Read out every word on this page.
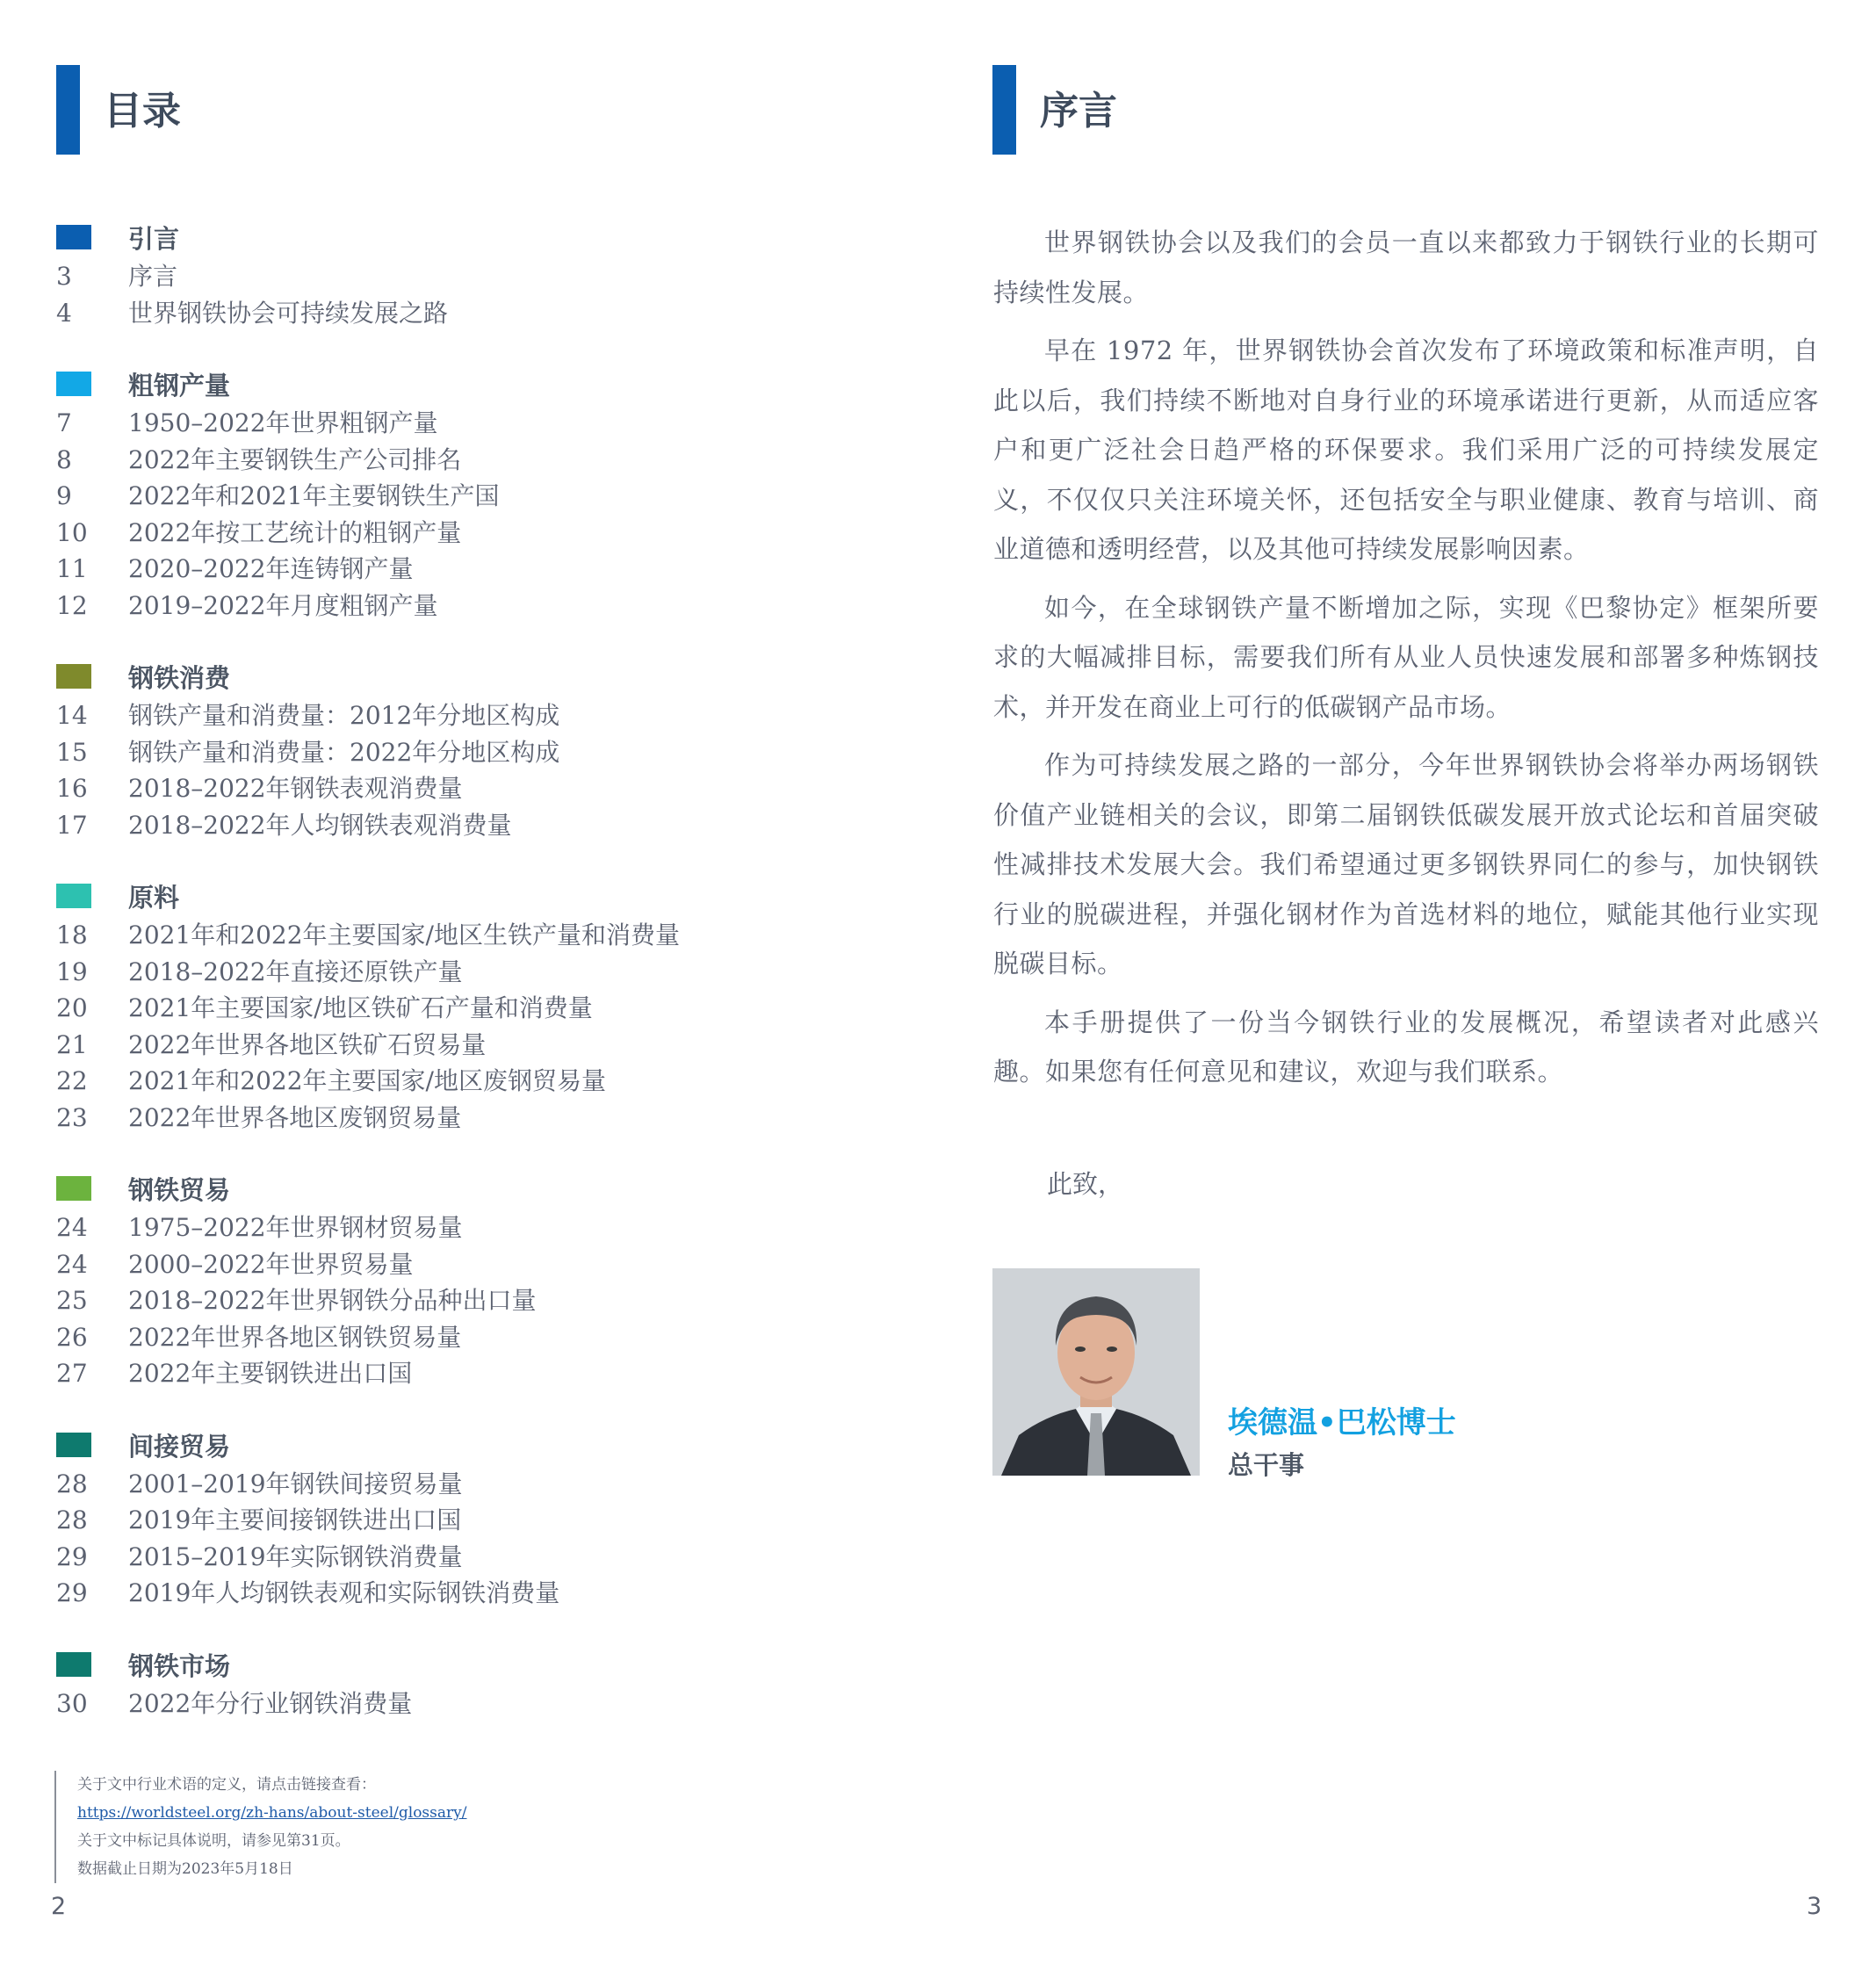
目录
引言
3 序言
4 世界钢铁协会可持续发展之路
粗钢产量
7 1950–2022年世界粗钢产量
8 2022年主要钢铁生产公司排名
9 2022年和2021年主要钢铁生产国
10 2022年按工艺统计的粗钢产量
11 2020–2022年连铸钢产量
12 2019–2022年月度粗钢产量
钢铁消费
14 钢铁产量和消费量：2012年分地区构成
15 钢铁产量和消费量：2022年分地区构成
16 2018–2022年钢铁表观消费量
17 2018–2022年人均钢铁表观消费量
原料
18 2021年和2022年主要国家/地区生铁产量和消费量
19 2018–2022年直接还原铁产量
20 2021年主要国家/地区铁矿石产量和消费量
21 2022年世界各地区铁矿石贸易量
22 2021年和2022年主要国家/地区废钢贸易量
23 2022年世界各地区废钢贸易量
钢铁贸易
24 1975–2022年世界钢材贸易量
24 2000–2022年世界贸易量
25 2018–2022年世界钢铁分品种出口量
26 2022年世界各地区钢铁贸易量
27 2022年主要钢铁进出口国
间接贸易
28 2001–2019年钢铁间接贸易量
28 2019年主要间接钢铁进出口国
29 2015–2019年实际钢铁消费量
29 2019年人均钢铁表观和实际钢铁消费量
钢铁市场
30 2022年分行业钢铁消费量
关于文中行业术语的定义，请点击链接查看：
https://worldsteel.org/zh-hans/about-steel/glossary/
关于文中标记具体说明，请参见第31页。
数据截止日期为2023年5月18日
2
序言

世界钢铁协会以及我们的会员一直以来都致力于钢铁行业的长期可持续性发展。

早在 1972 年，世界钢铁协会首次发布了环境政策和标准声明，自此以后，我们持续不断地对自身行业的环境承诺进行更新，从而适应客户和更广泛社会日趋严格的环保要求。我们采用广泛的可持续发展定义，不仅仅只关注环境关怀，还包括安全与职业健康、教育与培训、商业道德和透明经营，以及其他可持续发展影响因素。

如今，在全球钢铁产量不断增加之际，实现《巴黎协定》框架所要求的大幅减排目标，需要我们所有从业人员快速发展和部署多种炼钢技术，并开发在商业上可行的低碳钢产品市场。

作为可持续发展之路的一部分，今年世界钢铁协会将举办两场钢铁价值产业链相关的会议，即第二届钢铁低碳发展开放式论坛和首届突破性减排技术发展大会。我们希望通过更多钢铁界同仁的参与，加快钢铁行业的脱碳进程，并强化钢材作为首选材料的地位，赋能其他行业实现脱碳目标。

本手册提供了一份当今钢铁行业的发展概况，希望读者对此感兴趣。如果您有任何意见和建议，欢迎与我们联系。

此致，
埃德温•巴松博士
总干事
3
